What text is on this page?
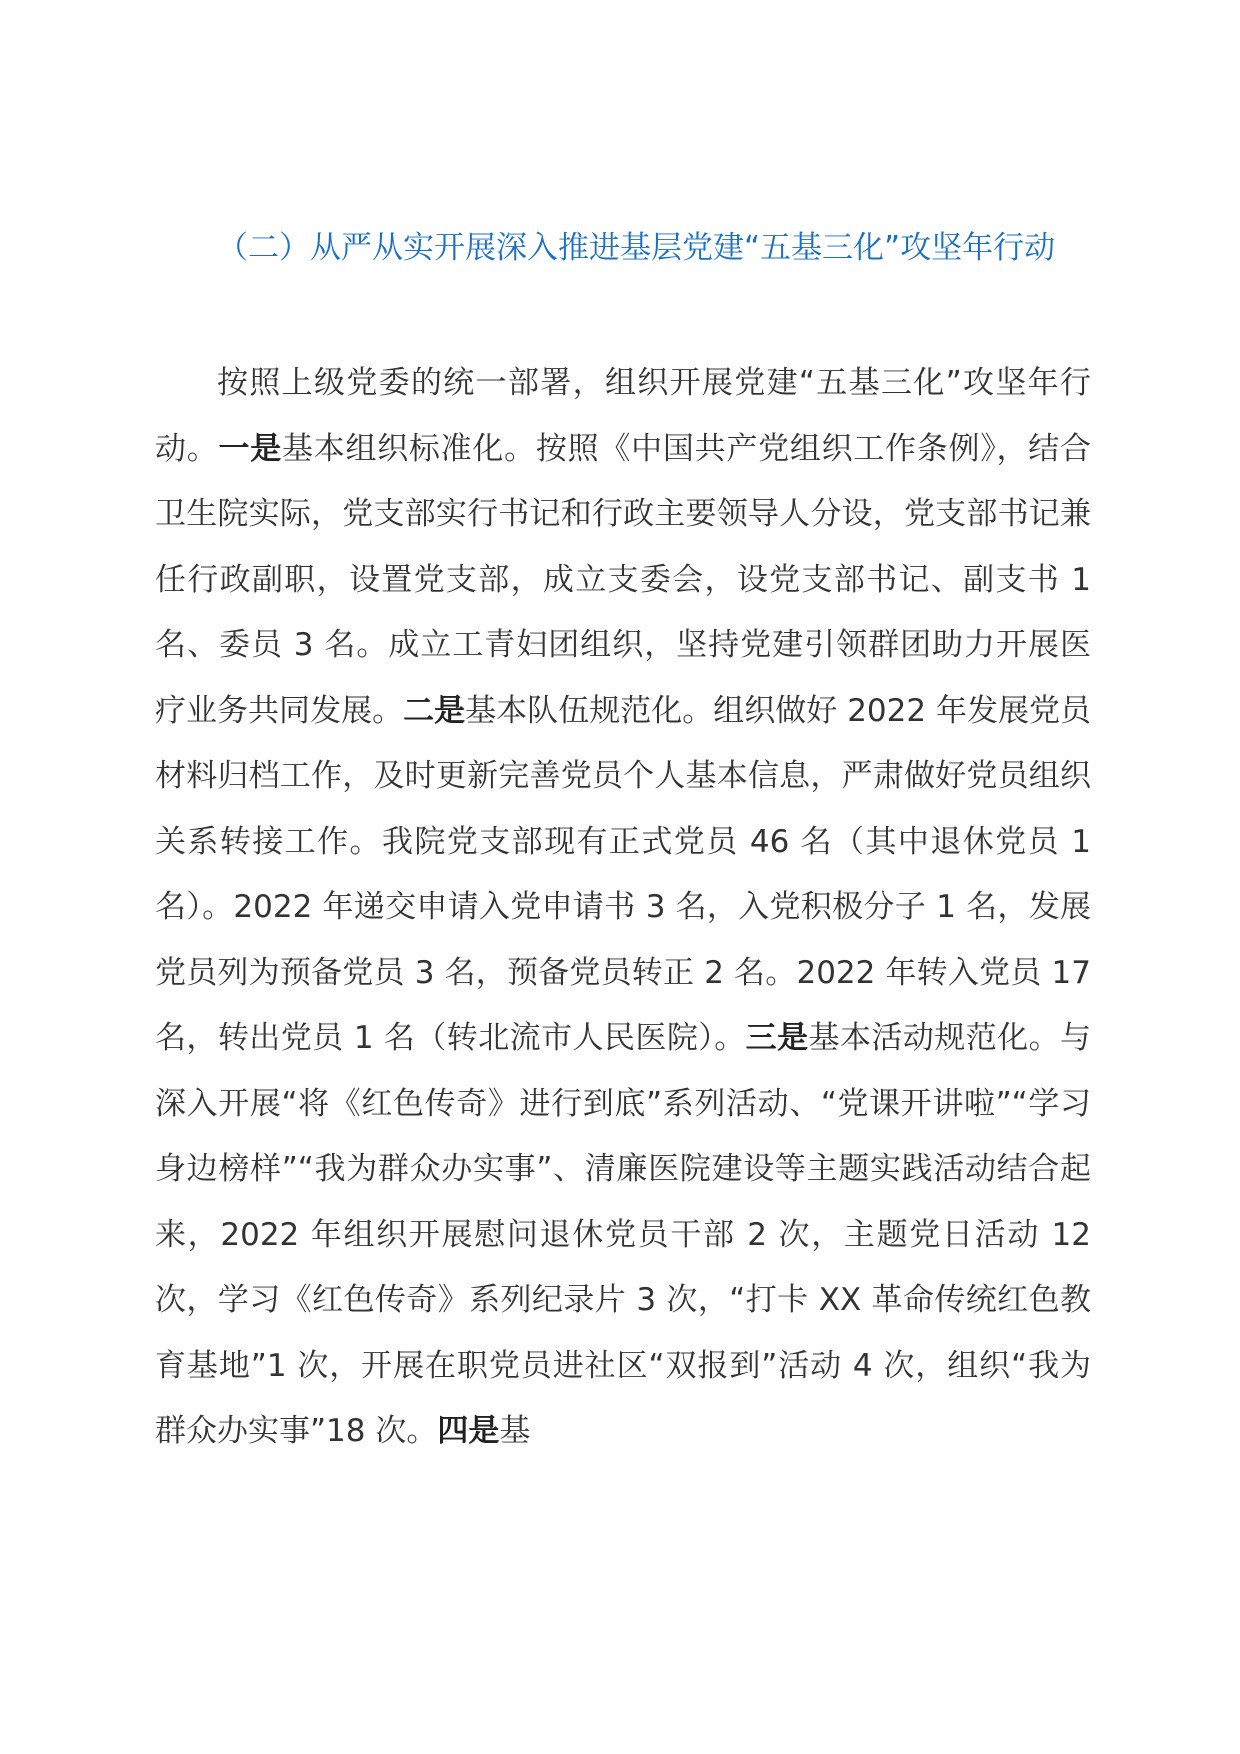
（二）从严从实开展深入推进基层党建“五基三化”攻坚年行动

按照上级党委的统一部署，组织开展党建“五基三化”攻坚年行动。一是基本组织标准化。按照《中国共产党组织工作条例》，结合卫生院实际，党支部实行书记和行政主要领导人分设，党支部书记兼任行政副职，设置党支部，成立支委会，设党支部书记、副支书 1 名、委员 3 名。成立工青妇团组织，坚持党建引领群团助力开展医疗业务共同发展。二是基本队伍规范化。组织做好 2022 年发展党员材料归档工作，及时更新完善党员个人基本信息，严肃做好党员组织关系转接工作。我院党支部现有正式党员 46 名（其中退休党员 1 名）。2022 年递交申请入党申请书 3 名，入党积极分子 1 名，发展党员列为预备党员 3 名，预备党员转正 2 名。2022 年转入党员 17 名，转出党员 1 名（转北流市人民医院）。三是基本活动规范化。与深入开展“将《红色传奇》进行到底”系列活动、“党课开讲啦”“学习身边榜样”“我为群众办实事”、清廉医院建设等主题实践活动结合起来，2022 年组织开展慰问退休党员干部 2 次，主题党日活动 12 次，学习《红色传奇》系列纪录片 3 次，“打卡 XX 革命传统红色教育基地”1 次，开展在职党员进社区“双报到”活动 4 次，组织“我为群众办实事”18 次。四是基
